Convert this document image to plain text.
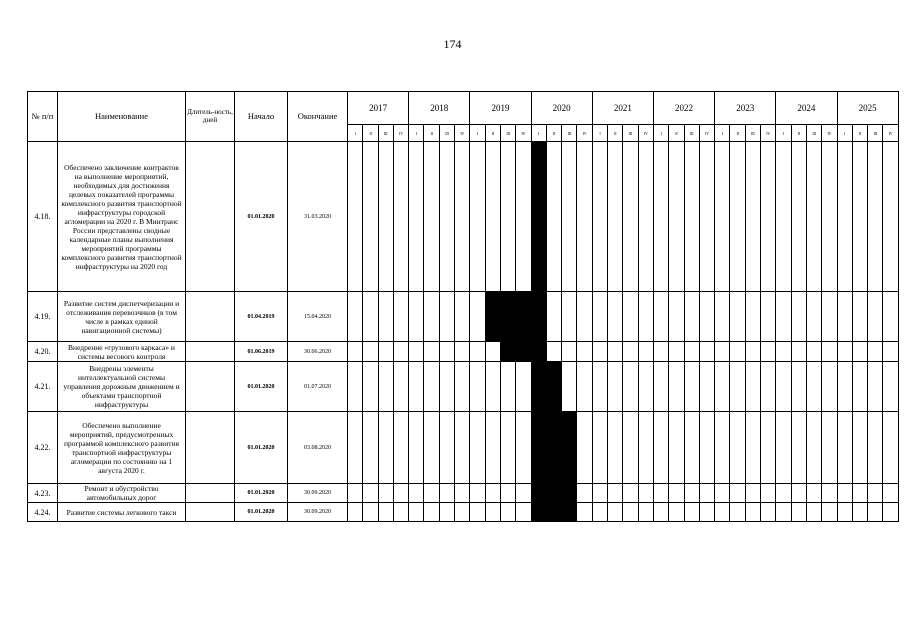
174
№ п/п	Наименование	Длитель-ность, дней	Начало	Окончание	2017				2018				2019				2020				2021				2022				2023				2024				2025			
					I	II	III	IV	I	II	III	IV	I	II	III	IV	I	II	III	IV	I	II	III	IV	I	II	III	IV	I	II	III	IV	I	II	III	IV	I	II	III	IV
4.18.	Обеспечено заключение контрактов на выполнение мероприятий, необходимых для достижения целевых показателей программы комплексного развития транспортной инфраструктуры городской агломерации на 2020 г. В Минтранс России представлены сводные календарные планы выполнения мероприятий программы комплексного развития транспортной инфраструктуры на 2020 год		01.01.2020	31.03.2020																																				
4.19.	Развитие систем диспетчеризации и отслеживания перевозчиков (в том числе в рамках единой навигационной системы)		01.04.2019	15.04.2020																																				
4.20.	Внедрение «грузового каркаса» и системы весового контроля		01.06.2019	30.06.2020																																				
4.21.	Внедрены элементы интеллектуальной системы управления дорожным движением и объектами транспортной инфраструктуры		01.01.2020	01.07.2020																																				
4.22.	Обеспечено выполнение мероприятий, предусмотренных программой комплексного развития транспортной инфраструктуры агломерации по состоянию на 1 августа 2020 г.		01.01.2020	03.08.2020																																				
4.23.	Ремонт и обустройство автомобильных дорог		01.01.2020	30.09.2020																																				
4.24.	Развитие системы легкового такси		01.01.2020	30.09.2020																																				
